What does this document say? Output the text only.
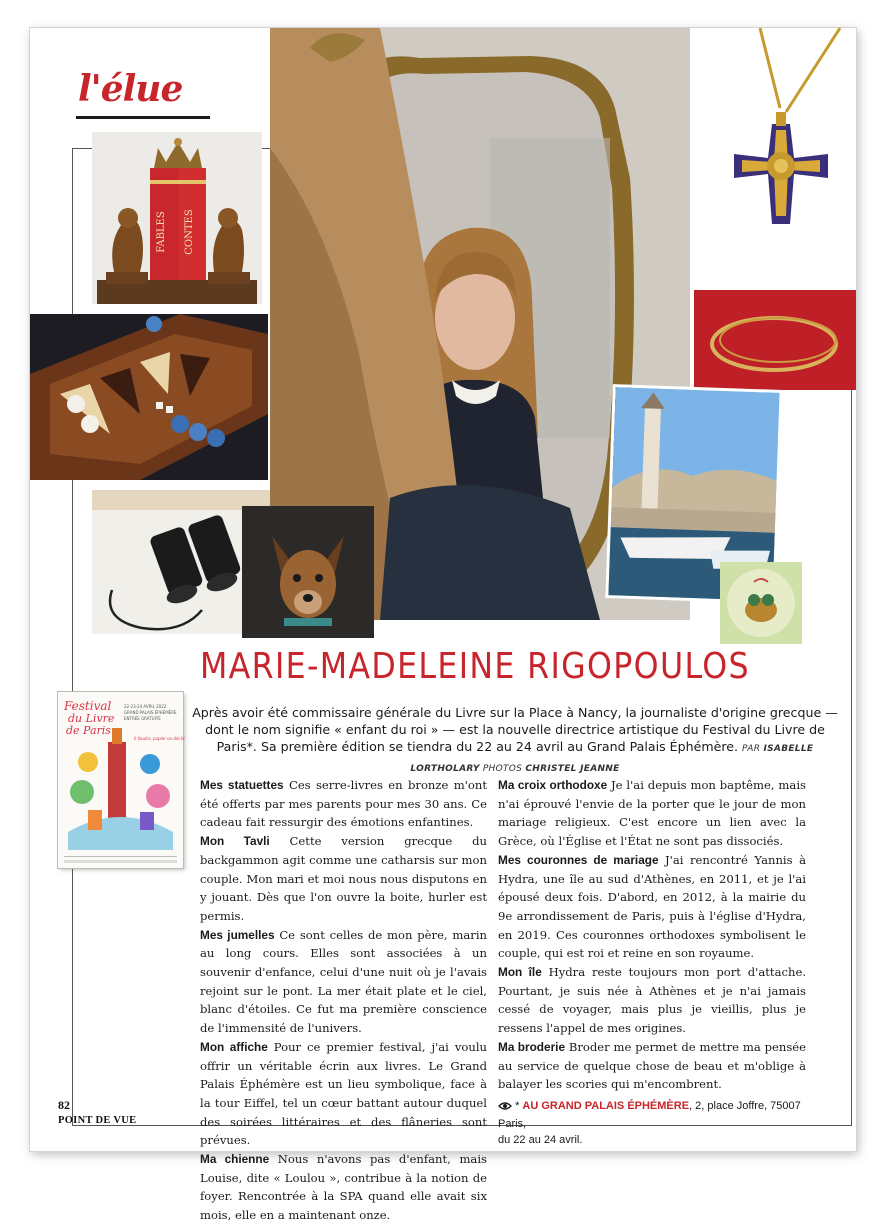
l'élue
FABLES CONTES
Festival
du Livre
de Paris
22-23-24 AVRIL 2022
GRAND PALAIS ÉPHÉMÈRE
ENTRÉE GRATUITE
Il faudra, papier ou déclic
MARIE-MADELEINE RIGOPOULOS
Après avoir été commissaire générale du Livre sur la Place à Nancy, la journaliste d'origine grecque — dont le nom signifie « enfant du roi » — est la nouvelle directrice artistique du Festival du Livre de Paris*. Sa première édition se tiendra du 22 au 24 avril au Grand Palais Éphémère. PAR ISABELLE LORTHOLARY PHOTOS CHRISTEL JEANNE

Mes statuettes Ces serre-livres en bronze m'ont été offerts par mes parents pour mes 30 ans. Ce cadeau fait ressurgir des émotions enfantines.

Mon Tavli Cette version grecque du backgammon agit comme une catharsis sur mon couple. Mon mari et moi nous nous disputons en y jouant. Dès que l'on ouvre la boite, hurler est permis.

Mes jumelles Ce sont celles de mon père, marin au long cours. Elles sont associées à un souvenir d'enfance, celui d'une nuit où je l'avais rejoint sur le pont. La mer était plate et le ciel, blanc d'étoiles. Ce fut ma première conscience de l'immensité de l'univers.

Mon affiche Pour ce premier festival, j'ai voulu offrir un véritable écrin aux livres. Le Grand Palais Éphémère est un lieu symbolique, face à la tour Eiffel, tel un cœur battant autour duquel des soirées littéraires et des flâneries sont prévues.

Ma chienne Nous n'avons pas d'enfant, mais Louise, dite « Loulou », contribue à la notion de foyer. Rencontrée à la SPA quand elle avait six mois, elle en a maintenant onze.

Ma croix orthodoxe Je l'ai depuis mon baptême, mais n'ai éprouvé l'envie de la porter que le jour de mon mariage religieux. C'est encore un lien avec la Grèce, où l'Église et l'État ne sont pas dissociés.

Mes couronnes de mariage J'ai rencontré Yannis à Hydra, une île au sud d'Athènes, en 2011, et je l'ai épousé deux fois. D'abord, en 2012, à la mairie du 9e arrondissement de Paris, puis à l'église d'Hydra, en 2019. Ces couronnes orthodoxes symbolisent le couple, qui est roi et reine en son royaume.

Mon île Hydra reste toujours mon port d'attache. Pourtant, je suis née à Athènes et je n'ai jamais cessé de voyager, mais plus je vieillis, plus je ressens l'appel de mes origines.

Ma broderie Broder me permet de mettre ma pensée au service de quelque chose de beau et m'oblige à balayer les scories qui m'encombrent.

* AU GRAND PALAIS ÉPHÉMÈRE, 2, place Joffre, 75007 Paris,
du 22 au 24 avril.

82
POINT DE VUE
